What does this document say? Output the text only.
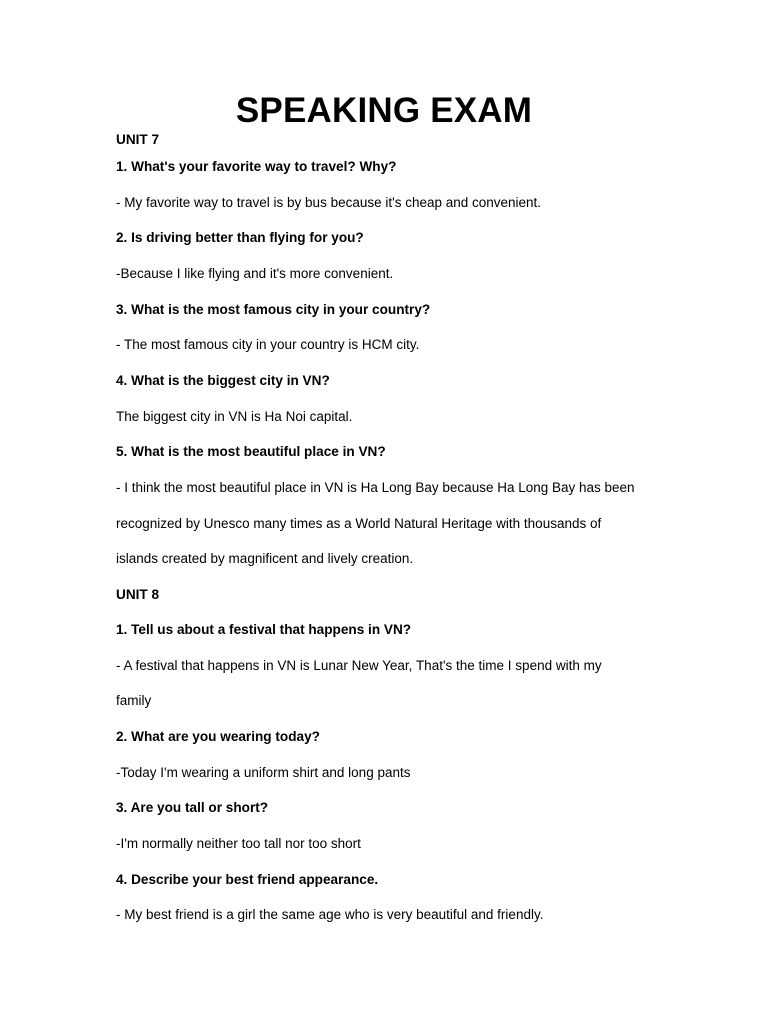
SPEAKING EXAM
UNIT 7
1. What's your favorite way to travel? Why?
- My favorite way to travel is by bus because it's cheap and convenient.
2. Is driving better than flying for you?
-Because I like flying and it's more convenient.
3. What is the most famous city in your country?
- The most famous city in your country is HCM city.
4. What is the biggest city in VN?
The biggest city in VN is Ha Noi capital.
5. What is the most beautiful place in VN?
- I think the most beautiful place in VN is Ha Long Bay because Ha Long Bay has been
recognized by Unesco many times as a World Natural Heritage with thousands of
islands created by magnificent and lively creation.
UNIT 8
1. Tell us about a festival that happens in VN?
- A festival that happens in VN is Lunar New Year, That's the time I spend with my
family
2. What are you wearing today?
-Today I'm wearing a uniform shirt and long pants
3. Are you tall or short?
-I'm normally neither too tall nor too short
4. Describe your best friend appearance.
- My best friend is a girl the same age who is very beautiful and friendly.
